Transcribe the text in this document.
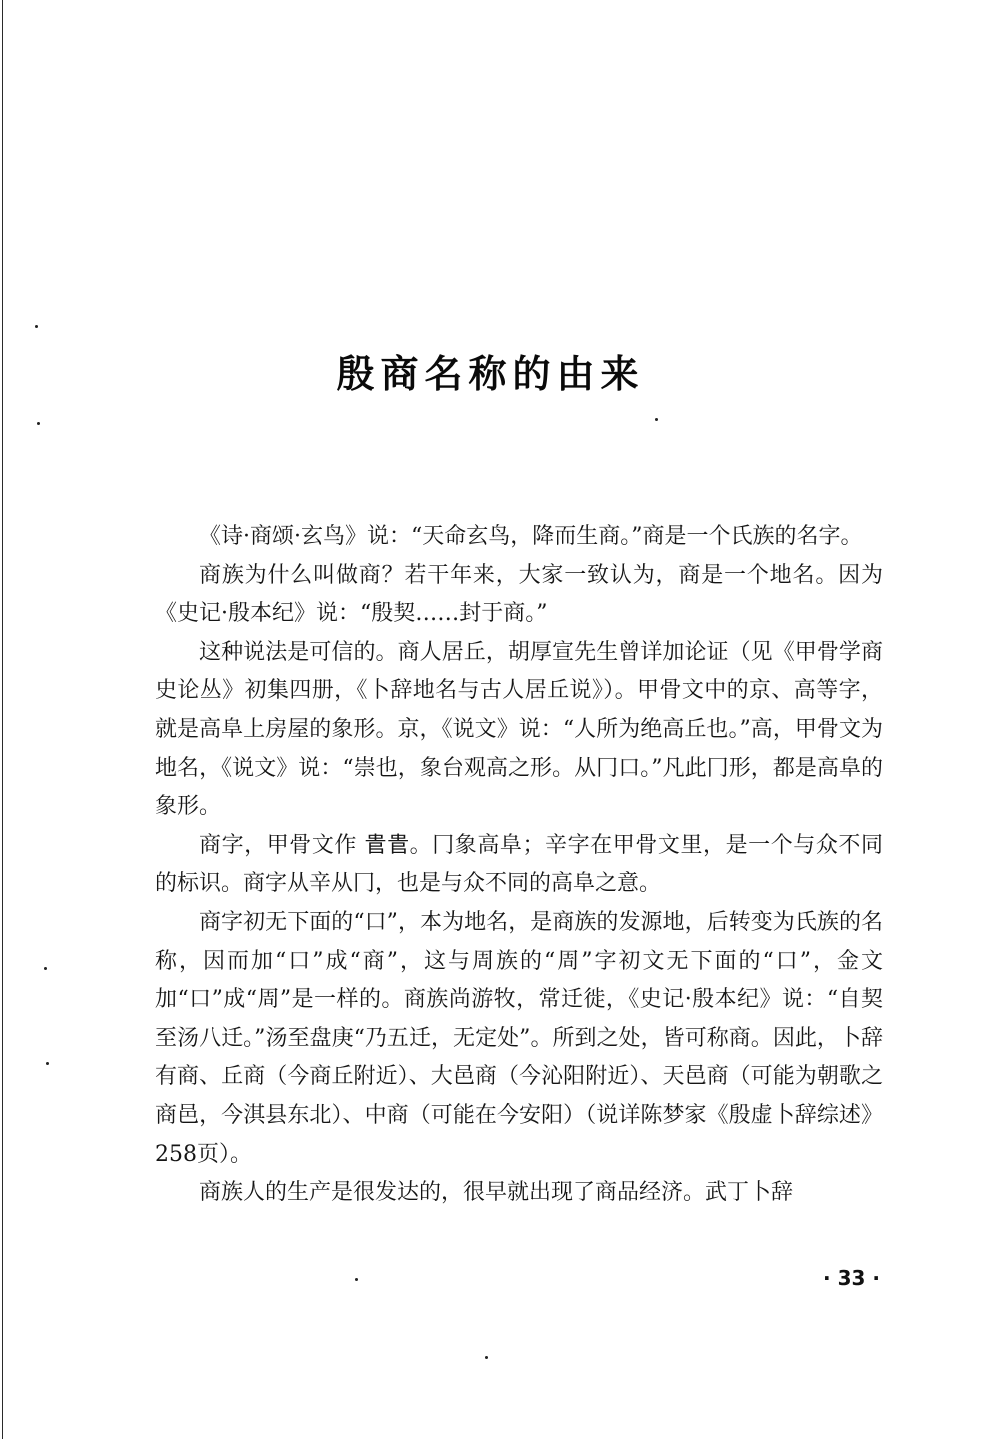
殷商名称的由来

《诗·商颂·玄鸟》说：“天命玄鸟，降而生商。”商是一个氏族的名字。

商族为什么叫做商？若干年来，大家一致认为，商是一个地名。因为《史记·殷本纪》说：“殷契……封于商。”

这种说法是可信的。商人居丘，胡厚宣先生曾详加论证（见《甲骨学商史论丛》初集四册，《卜辞地名与古人居丘说》）。甲骨文中的京、高等字，就是高阜上房屋的象形。京，《说文》说：“人所为绝高丘也。”高，甲骨文为地名，《说文》说：“崇也，象台观高之形。从冂口。”凡此冂形，都是高阜的象形。

商字，甲骨文作 𠳋𠳋。冂象高阜；辛字在甲骨文里，是一个与众不同的标识。商字从辛从冂，也是与众不同的高阜之意。

商字初无下面的“口”，本为地名，是商族的发源地，后转变为氏族的名称，因而加“口”成“商”，这与周族的“周”字初文无下面的“口”，金文加“口”成“周”是一样的。商族尚游牧，常迁徙，《史记·殷本纪》说：“自契至汤八迁。”汤至盘庚“乃五迁，无定处”。所到之处，皆可称商。因此，卜辞有商、丘商（今商丘附近）、大邑商（今沁阳附近）、天邑商（可能为朝歌之商邑，今淇县东北）、中商（可能在今安阳）（说详陈梦家《殷虚卜辞综述》258页）。

商族人的生产是很发达的，很早就出现了商品经济。武丁卜辞

· 33 ·
